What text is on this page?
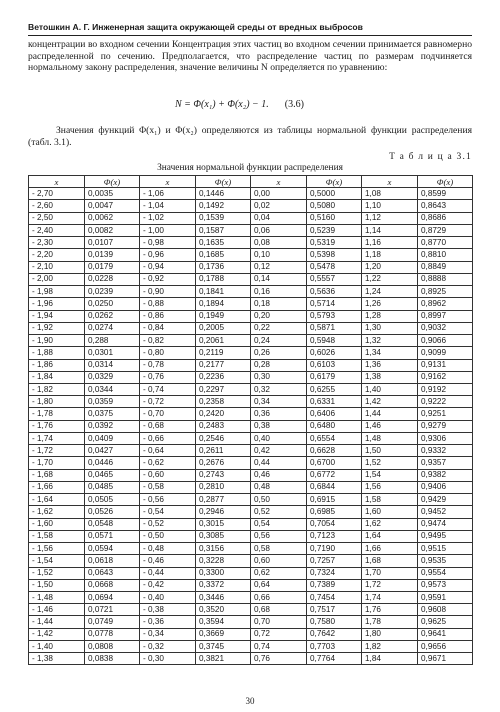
Ветошкин А. Г. Инженерная защита окружающей среды от вредных выбросов
концентрации во входном сечении Концентрация этих частиц во входном сечении принимается равномерно распределенной по сечению. Предполагается, что распределение частиц по размерам подчиняется нормальному закону распределения, значение величины N определяется по уравнению:
N = Φ(x₁) + Φ(x₂) − 1. (3.6)
Значения функций Φ(x₁) и Φ(x₂) определяются из таблицы нормальной функции распределения (табл. 3.1).
Т а б л и ц а 3.1
Значения нормальной функции распределения
x	Φ(x)	x	Φ(x)	x	Φ(x)	x	Φ(x)
- 2,70	0,0035	- 1,06	0,1446	0,00	0,5000	1,08	0,8599
- 2,60	0,0047	- 1,04	0,1492	0,02	0,5080	1,10	0,8643
- 2,50	0,0062	- 1,02	0,1539	0,04	0,5160	1,12	0,8686
- 2,40	0,0082	- 1,00	0,1587	0,06	0,5239	1,14	0,8729
- 2,30	0,0107	- 0,98	0,1635	0,08	0,5319	1,16	0,8770
- 2,20	0,0139	- 0,96	0,1685	0,10	0,5398	1,18	0,8810
- 2,10	0,0179	- 0,94	0,1736	0,12	0,5478	1,20	0,8849
- 2,00	0,0228	- 0,92	0,1788	0,14	0,5557	1,22	0,8888
- 1,98	0,0239	- 0,90	0,1841	0,16	0,5636	1,24	0,8925
- 1,96	0,0250	- 0,88	0,1894	0,18	0,5714	1,26	0,8962
- 1,94	0,0262	- 0,86	0,1949	0,20	0,5793	1,28	0,8997
- 1,92	0,0274	- 0,84	0,2005	0,22	0,5871	1,30	0,9032
- 1,90	0,288	- 0,82	0,2061	0,24	0,5948	1,32	0,9066
- 1,88	0,0301	- 0,80	0,2119	0,26	0,6026	1,34	0,9099
- 1,86	0,0314	- 0,78	0,2177	0,28	0,6103	1,36	0,9131
- 1,84	0,0329	- 0,76	0,2236	0,30	0,6179	1,38	0,9162
- 1,82	0,0344	- 0,74	0,2297	0,32	0,6255	1,40	0,9192
- 1,80	0,0359	- 0,72	0,2358	0,34	0,6331	1,42	0,9222
- 1,78	0,0375	- 0,70	0,2420	0,36	0,6406	1,44	0,9251
- 1,76	0,0392	- 0,68	0,2483	0,38	0,6480	1,46	0,9279
- 1,74	0,0409	- 0,66	0,2546	0,40	0,6554	1,48	0,9306
- 1,72	0,0427	- 0,64	0,2611	0,42	0,6628	1,50	0,9332
- 1,70	0,0446	- 0,62	0,2676	0,44	0,6700	1,52	0,9357
- 1,68	0,0465	- 0,60	0,2743	0,46	0,6772	1,54	0,9382
- 1,66	0,0485	- 0,58	0,2810	0,48	0,6844	1,56	0,9406
- 1,64	0,0505	- 0,56	0,2877	0,50	0,6915	1,58	0,9429
- 1,62	0,0526	- 0,54	0,2946	0,52	0,6985	1,60	0,9452
- 1,60	0,0548	- 0,52	0,3015	0,54	0,7054	1,62	0,9474
- 1,58	0,0571	- 0,50	0,3085	0,56	0,7123	1,64	0,9495
- 1,56	0,0594	- 0,48	0,3156	0,58	0,7190	1,66	0,9515
- 1,54	0,0618	- 0,46	0,3228	0,60	0,7257	1,68	0,9535
- 1,52	0,0643	- 0,44	0,3300	0,62	0,7324	1,70	0,9554
- 1,50	0,0668	- 0,42	0,3372	0,64	0,7389	1,72	0,9573
- 1,48	0,0694	- 0,40	0,3446	0,66	0,7454	1,74	0,9591
- 1,46	0,0721	- 0,38	0,3520	0,68	0,7517	1,76	0,9608
- 1,44	0,0749	- 0,36	0,3594	0,70	0,7580	1,78	0,9625
- 1,42	0,0778	- 0,34	0,3669	0,72	0,7642	1,80	0,9641
- 1,40	0,0808	- 0,32	0,3745	0,74	0,7703	1,82	0,9656
- 1,38	0,0838	- 0,30	0,3821	0,76	0,7764	1,84	0,9671
30
